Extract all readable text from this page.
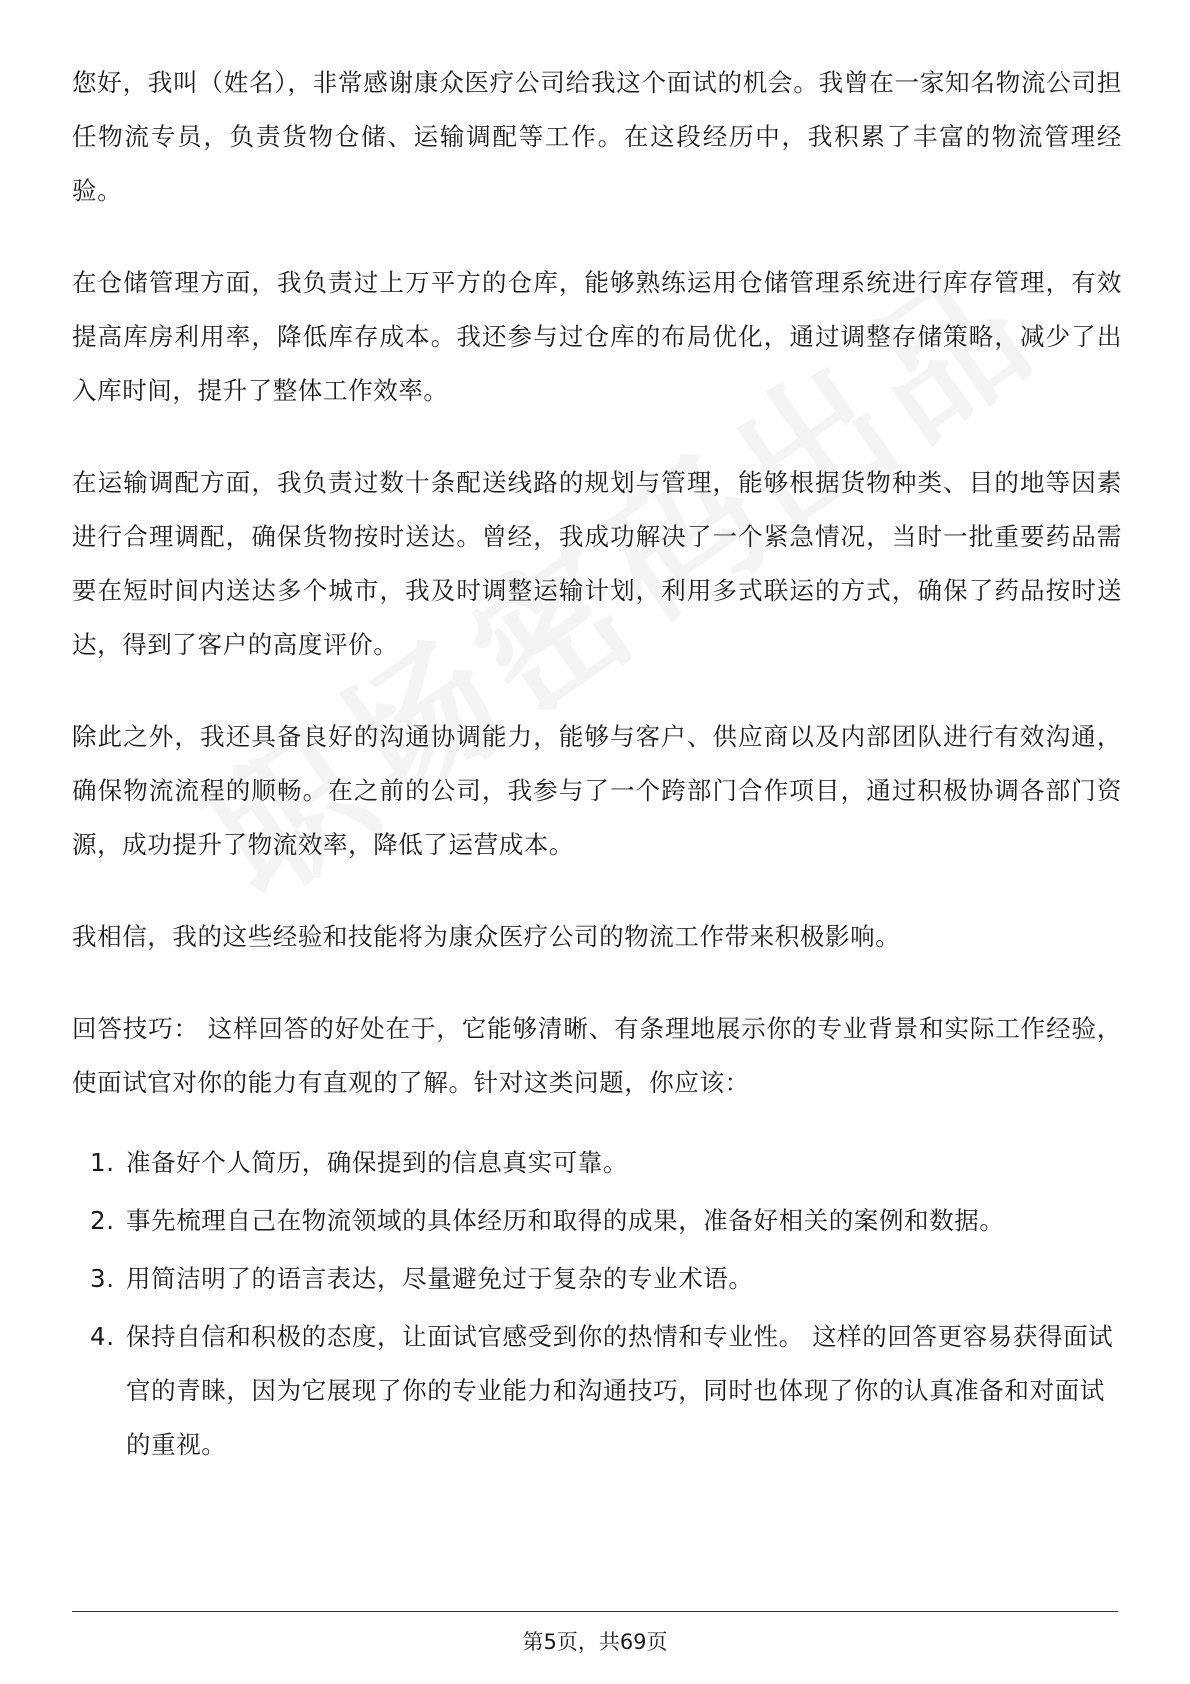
您好，我叫（姓名），非常感谢康众医疗公司给我这个面试的机会。我曾在一家知名物流公司担任物流专员，负责货物仓储、运输调配等工作。在这段经历中，我积累了丰富的物流管理经验。

在仓储管理方面，我负责过上万平方的仓库，能够熟练运用仓储管理系统进行库存管理，有效提高库房利用率，降低库存成本。我还参与过仓库的布局优化，通过调整存储策略，减少了出入库时间，提升了整体工作效率。

在运输调配方面，我负责过数十条配送线路的规划与管理，能够根据货物种类、目的地等因素进行合理调配，确保货物按时送达。曾经，我成功解决了一个紧急情况，当时一批重要药品需要在短时间内送达多个城市，我及时调整运输计划，利用多式联运的方式，确保了药品按时送达，得到了客户的高度评价。

除此之外，我还具备良好的沟通协调能力，能够与客户、供应商以及内部团队进行有效沟通，确保物流流程的顺畅。在之前的公司，我参与了一个跨部门合作项目，通过积极协调各部门资源，成功提升了物流效率，降低了运营成本。

我相信，我的这些经验和技能将为康众医疗公司的物流工作带来积极影响。

回答技巧： 这样回答的好处在于，它能够清晰、有条理地展示你的专业背景和实际工作经验，使面试官对你的能力有直观的了解。针对这类问题，你应该：

1. 准备好个人简历，确保提到的信息真实可靠。
2. 事先梳理自己在物流领域的具体经历和取得的成果，准备好相关的案例和数据。
3. 用简洁明了的语言表达，尽量避免过于复杂的专业术语。
4. 保持自信和积极的态度，让面试官感受到你的热情和专业性。 这样的回答更容易获得面试官的青睐，因为它展现了你的专业能力和沟通技巧，同时也体现了你的认真准备和对面试的重视。
第5页，共69页
